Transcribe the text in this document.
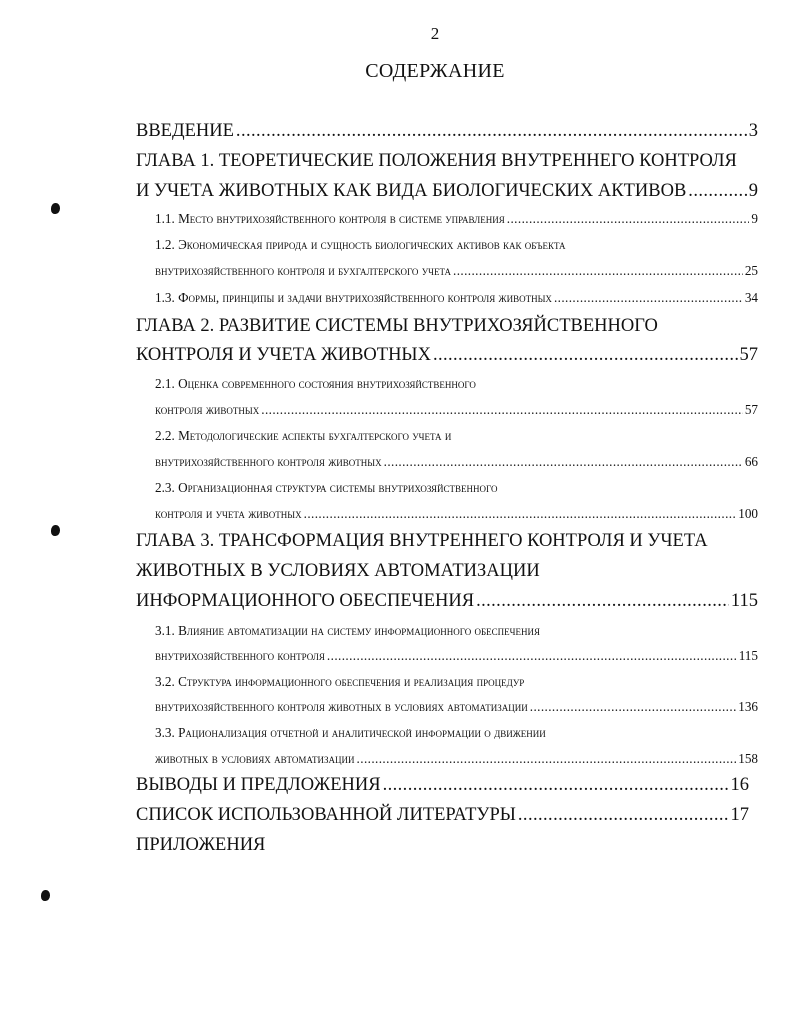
2
СОДЕРЖАНИЕ
ВВЕДЕНИЕ .....	3
ГЛАВА 1. ТЕОРЕТИЧЕСКИЕ ПОЛОЖЕНИЯ ВНУТРЕННЕГО КОНТРОЛЯ
И УЧЕТА ЖИВОТНЫХ КАК ВИДА БИОЛОГИЧЕСКИХ АКТИВОВ .....	9
1.1. Место внутрихозяйственного контроля в системе управления .....	9
1.2. Экономическая природа и сущность биологических активов как объекта
внутрихозяйственного контроля и бухгалтерского учета .....	25
1.3. Формы, принципы и задачи внутрихозяйственного контроля животных .....	34
ГЛАВА 2. РАЗВИТИЕ СИСТЕМЫ ВНУТРИХОЗЯЙСТВЕННОГО
КОНТРОЛЯ И УЧЕТА ЖИВОТНЫХ .....	57
2.1. Оценка современного состояния внутрихозяйственного
контроля животных .....	57
2.2. Методологические аспекты бухгалтерского учета и
внутрихозяйственного контроля животных .....	66
2.3. Организационная структура системы внутрихозяйственного
контроля и учета животных .....	100
ГЛАВА 3. ТРАНСФОРМАЦИЯ ВНУТРЕННЕГО КОНТРОЛЯ И УЧЕТА
ЖИВОТНЫХ В УСЛОВИЯХ АВТОМАТИЗАЦИИ
ИНФОРМАЦИОННОГО ОБЕСПЕЧЕНИЯ .....	115
3.1. Влияние автоматизации на систему информационного обеспечения
внутрихозяйственного контроля .....	115
3.2. Структура информационного обеспечения и реализация процедур
внутрихозяйственного контроля животных в условиях автоматизации .....	136
3.3. Рационализация отчетной и аналитической информации о движении
животных в условиях автоматизации .....	158
ВЫВОДЫ И ПРЕДЛОЖЕНИЯ .....	16
СПИСОК ИСПОЛЬЗОВАННОЙ ЛИТЕРАТУРЫ .....	17
ПРИЛОЖЕНИЯ
